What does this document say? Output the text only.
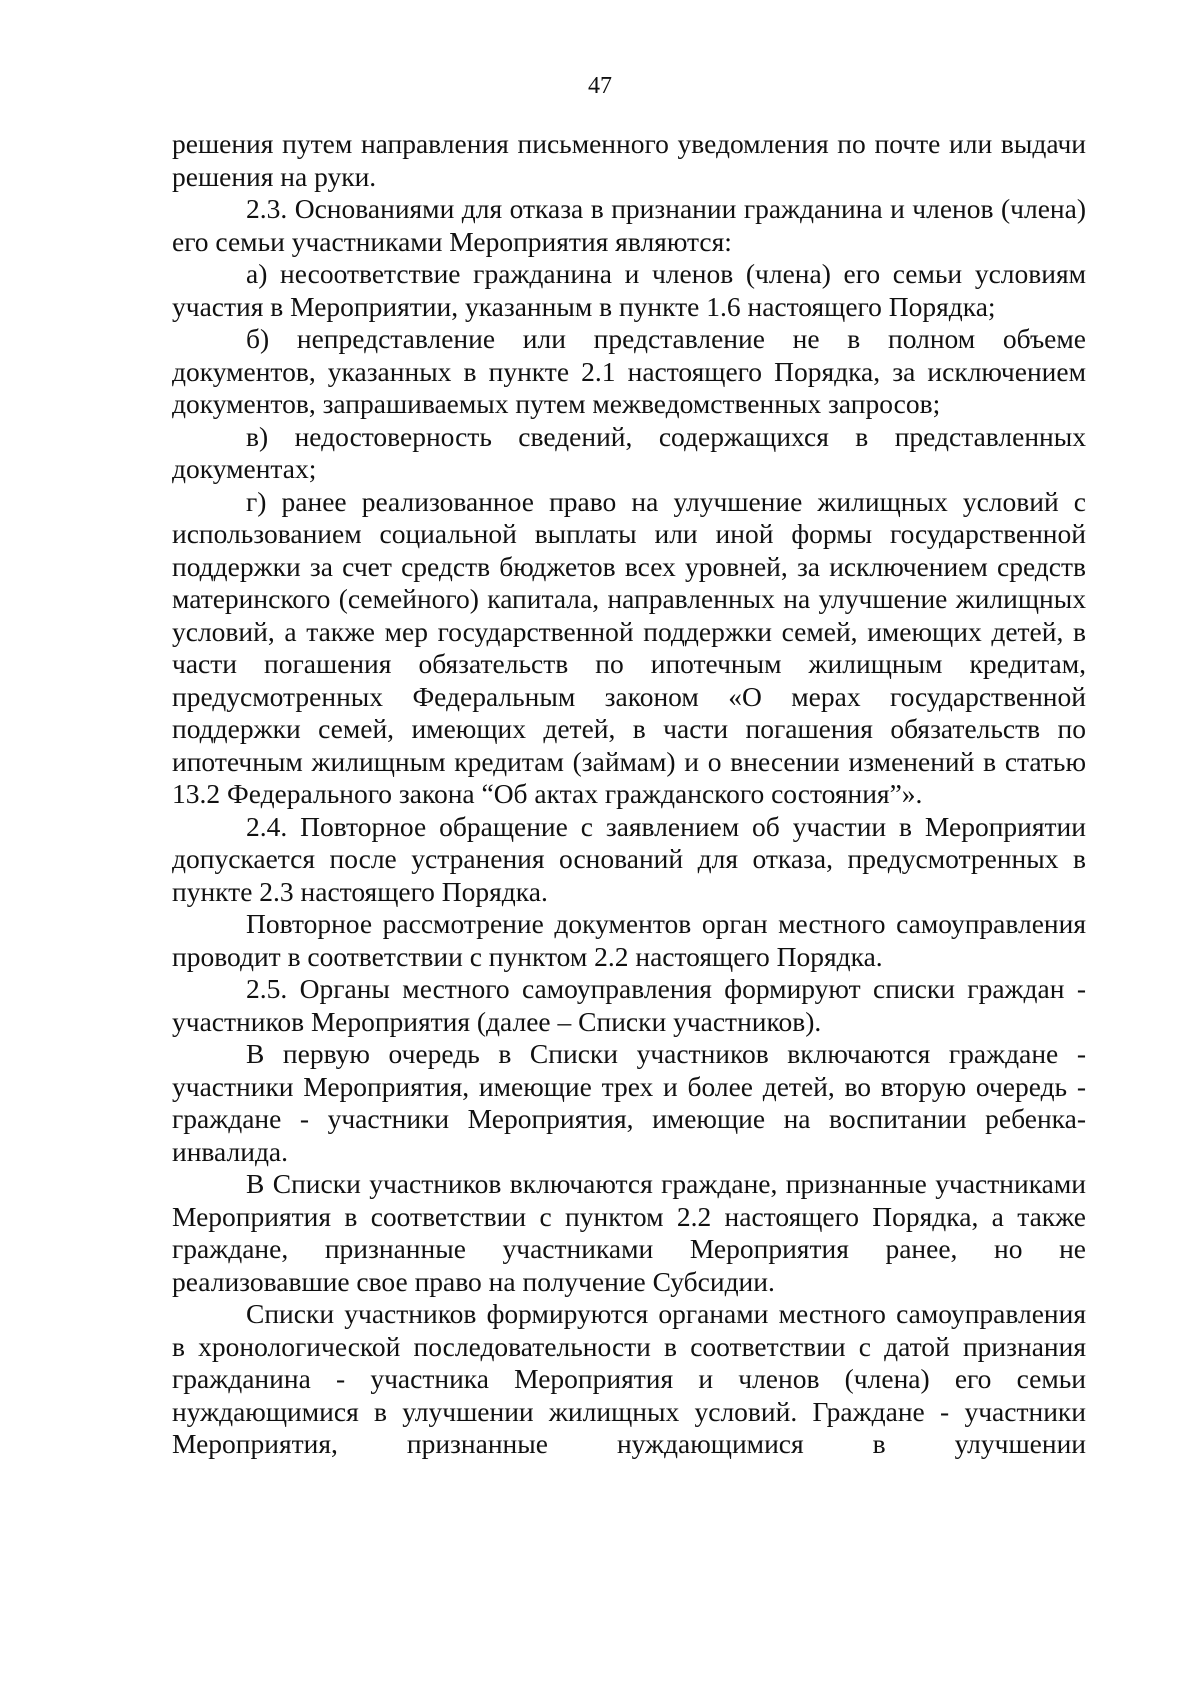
47

решения путем направления письменного уведомления по почте или выдачи решения на руки.

2.3. Основаниями для отказа в признании гражданина и членов (члена) его семьи участниками Мероприятия являются:

а) несоответствие гражданина и членов (члена) его семьи условиям участия в Мероприятии, указанным в пункте 1.6 настоящего Порядка;

б) непредставление или представление не в полном объеме документов, указанных в пункте 2.1 настоящего Порядка, за исключением документов, запрашиваемых путем межведомственных запросов;

в) недостоверность сведений, содержащихся в представленных документах;

г) ранее реализованное право на улучшение жилищных условий с использованием социальной выплаты или иной формы государственной поддержки за счет средств бюджетов всех уровней, за исключением средств материнского (семейного) капитала, направленных на улучшение жилищных условий, а также мер государственной поддержки семей, имеющих детей, в части погашения обязательств по ипотечным жилищным кредитам, предусмотренных Федеральным законом «О мерах государственной поддержки семей, имеющих детей, в части погашения обязательств по ипотечным жилищным кредитам (займам) и о внесении изменений в статью 13.2 Федерального закона “Об актах гражданского состояния”».

2.4. Повторное обращение с заявлением об участии в Мероприятии допускается после устранения оснований для отказа, предусмотренных в пункте 2.3 настоящего Порядка.

Повторное рассмотрение документов орган местного самоуправления проводит в соответствии с пунктом 2.2 настоящего Порядка.

2.5. Органы местного самоуправления формируют списки граждан - участников Мероприятия (далее – Списки участников).

В первую очередь в Списки участников включаются граждане - участники Мероприятия, имеющие трех и более детей, во вторую очередь - граждане - участники Мероприятия, имеющие на воспитании ребенка-инвалида.

В Списки участников включаются граждане, признанные участниками Мероприятия в соответствии с пунктом 2.2 настоящего Порядка, а также граждане, признанные участниками Мероприятия ранее, но не реализовавшие свое право на получение Субсидии.

Списки участников формируются органами местного самоуправления в хронологической последовательности в соответствии с датой признания гражданина - участника Мероприятия и членов (члена) его семьи нуждающимися в улучшении жилищных условий. Граждане - участники Мероприятия, признанные нуждающимися в улучшении
